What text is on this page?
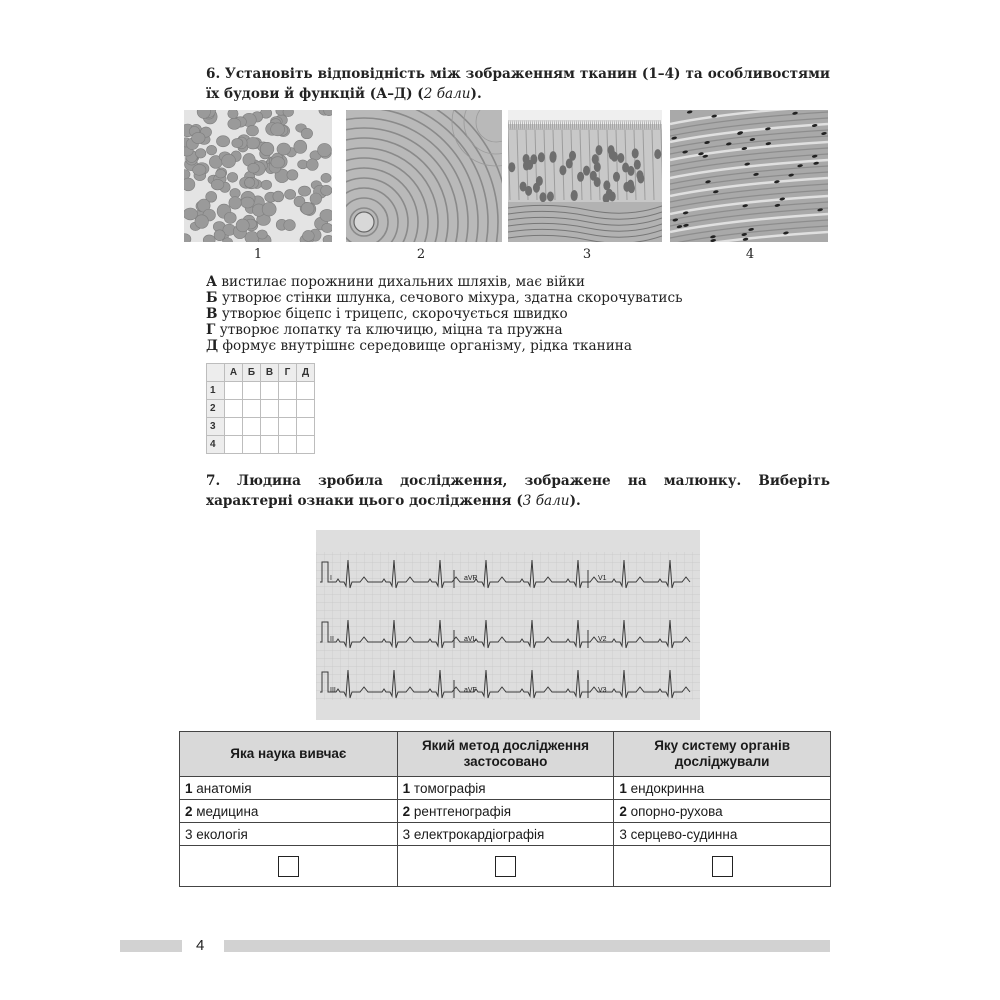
6. Установіть відповідність між зображенням тканин (1–4) та особливостями їх будови й функцій (А–Д) (2 бали).
1	2	3	4
А вистилає порожнини дихальних шляхів, має війки
Б утворює стінки шлунка, сечового міхура, здатна скорочуватись
В утворює біцепс і трицепс, скорочується швидко
Г утворює лопатку та ключицю, міцна та пружна
Д формує внутрішнє середовище організму, рідка тканина
	А	Б	В	Г	Д
1					
2					
3					
4					
7. Людина зробила дослідження, зображене на малюнку. Виберіть характерні ознаки цього дослідження (3 бали).
I	aVR	V1
II	aVL	V2
III	aVF	V3
Яка наука вивчає	Який метод дослідження застосовано	Яку систему органів досліджували
1 анатомія	1 томографія	1 ендокринна
2 медицина	2 рентгенографія	2 опорно-рухова
3 екологія	3 електрокардіографія	3 серцево-судинна

4
